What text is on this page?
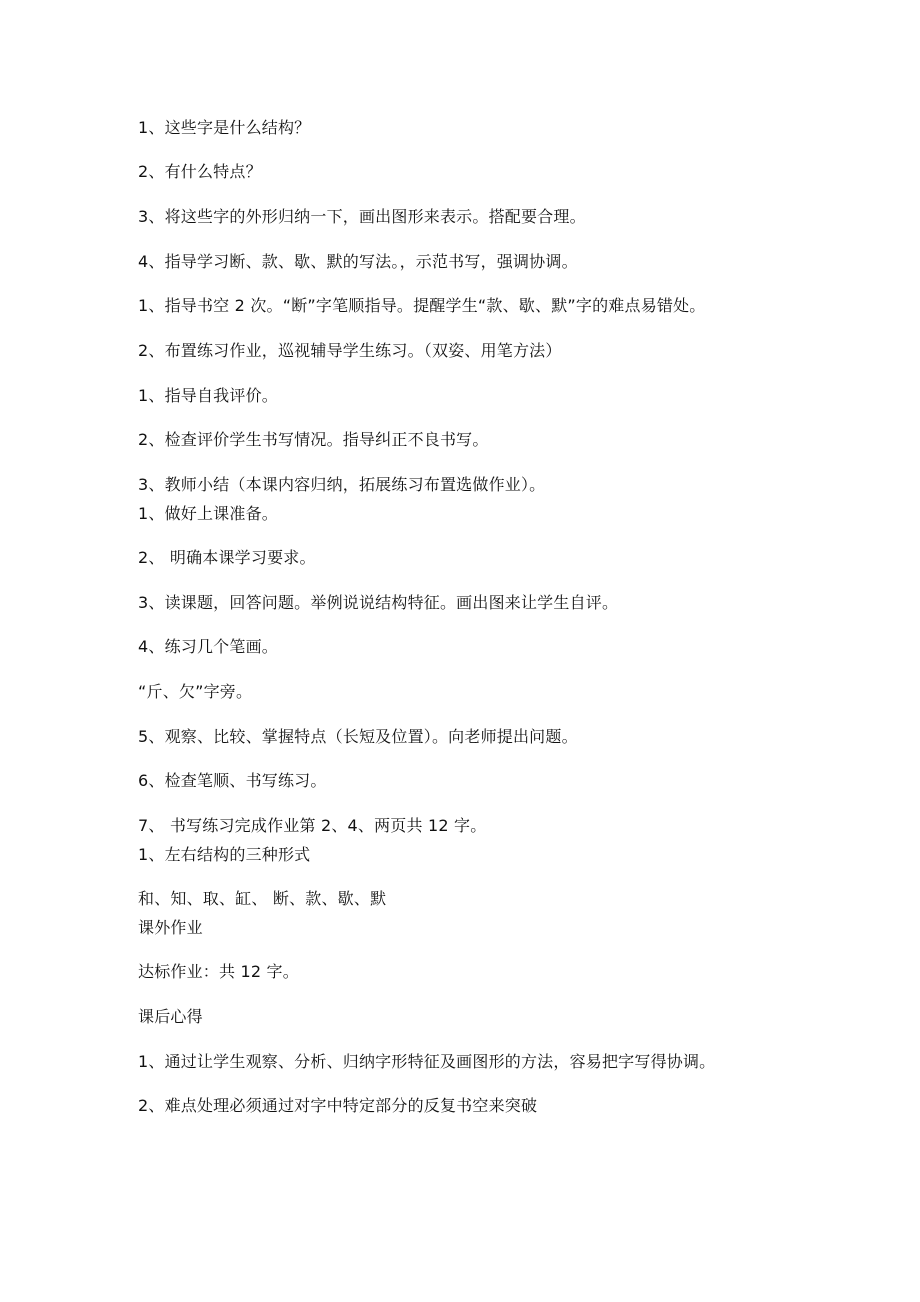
1、这些字是什么结构？
2、有什么特点？
3、将这些字的外形归纳一下，画出图形来表示。搭配要合理。
4、指导学习断、款、歇、默的写法。，示范书写，强调协调。
1、指导书空 2 次。“断”字笔顺指导。提醒学生“款、歇、默”字的难点易错处。
2、布置练习作业，巡视辅导学生练习。（双姿、用笔方法）
1、指导自我评价。
2、检查评价学生书写情况。指导纠正不良书写。
3、教师小结（本课内容归纳，拓展练习布置选做作业）。
1、做好上课准备。
2、 明确本课学习要求。
3、读课题，回答问题。举例说说结构特征。画出图来让学生自评。
4、练习几个笔画。
“斤、欠”字旁。
5、观察、比较、掌握特点（长短及位置）。向老师提出问题。
6、检查笔顺、书写练习。
7、 书写练习完成作业第 2、4、两页共 12 字。
1、左右结构的三种形式
和、知、取、缸、 断、款、歇、默
课外作业
达标作业：共 12 字。
课后心得
1、通过让学生观察、分析、归纳字形特征及画图形的方法，容易把字写得协调。
2、难点处理必须通过对字中特定部分的反复书空来突破
